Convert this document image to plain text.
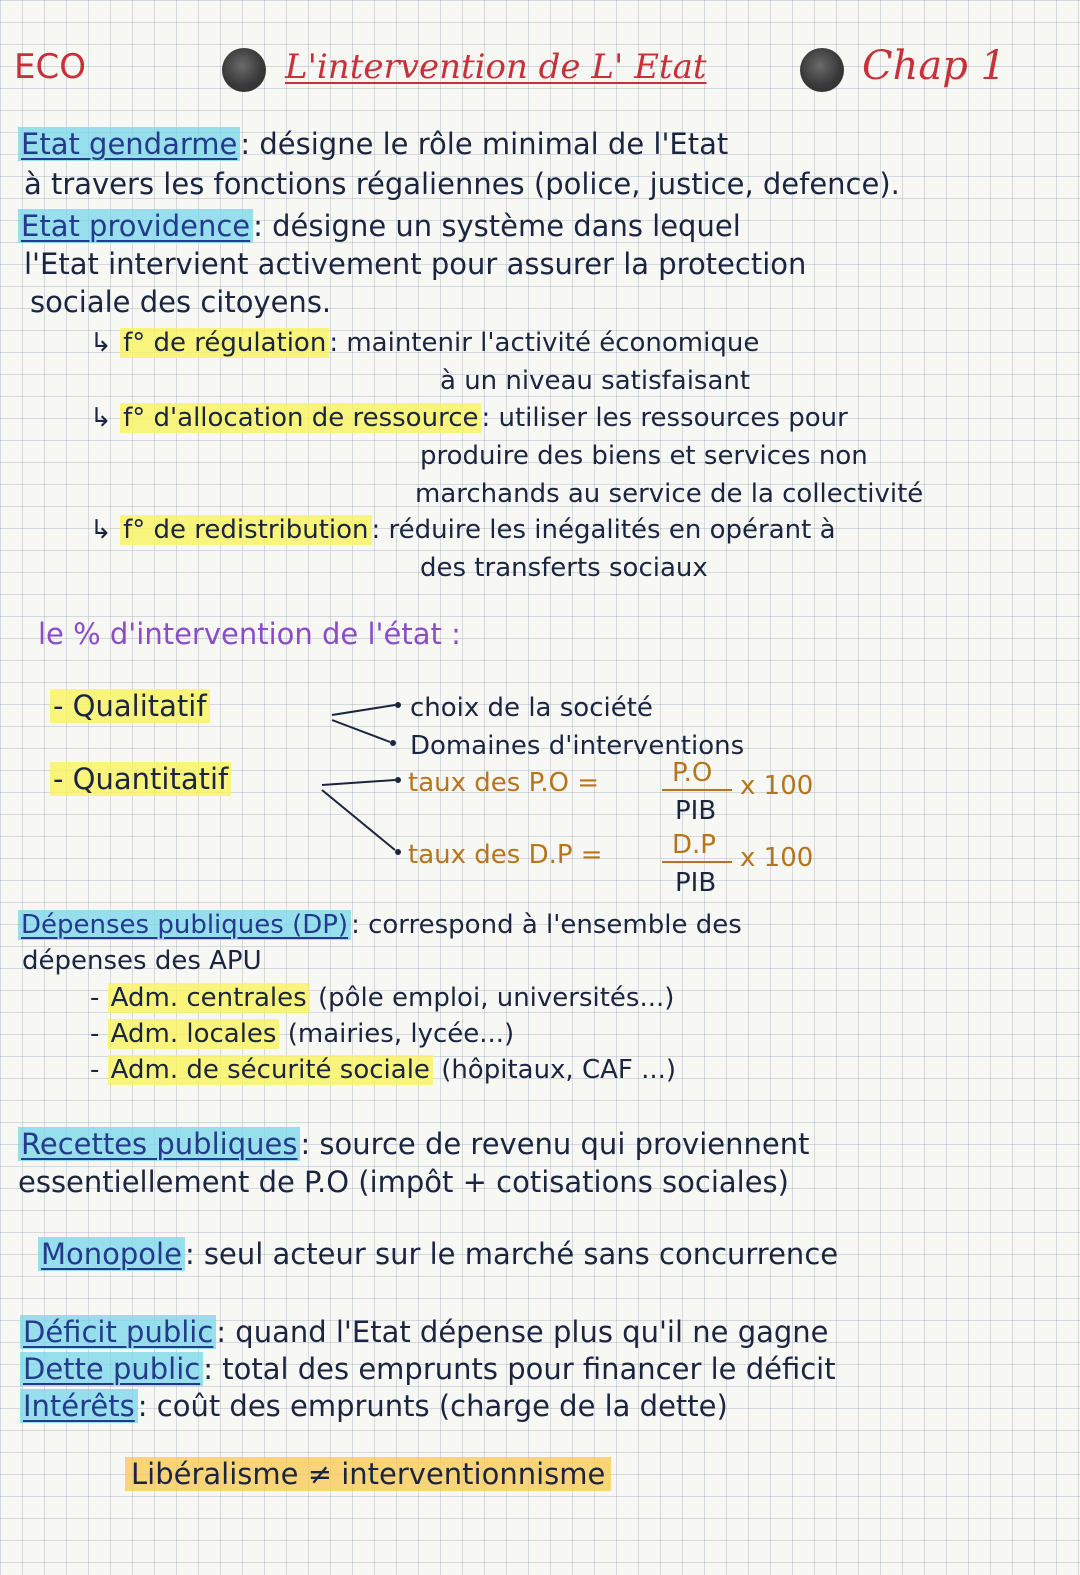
ECO	L'intervention de L' Etat	Chap 1
Etat gendarme : désigne le rôle minimal de l'Etat
à travers les fonctions régaliennes (police, justice, defence).
Etat providence : désigne un système dans lequel
l'Etat intervient activement pour assurer la protection
sociale des citoyens.
↳ f° de régulation : maintenir l'activité économique
à un niveau satisfaisant
↳ f° d'allocation de ressource : utiliser les ressources pour
produire des biens et services non
marchands au service de la collectivité
↳ f° de redistribution : réduire les inégalités en opérant à
des transferts sociaux
le % d'intervention de l'état :
- Qualitatif
- Quantitatif
choix de la société
Domaines d'interventions
taux des P.O =	P.O
PIB
x 100
taux des D.P =	D.P
PIB
x 100
Dépenses publiques (DP) : correspond à l'ensemble des
dépenses des APU
- Adm. centrales (pôle emploi, universités...)
- Adm. locales (mairies, lycée...)
- Adm. de sécurité sociale (hôpitaux, CAF ...)
Recettes publiques : source de revenu qui proviennent
essentiellement de P.O (impôt + cotisations sociales)
Monopole : seul acteur sur le marché sans concurrence
Déficit public : quand l'Etat dépense plus qu'il ne gagne
Dette public : total des emprunts pour financer le déficit
Intérêts : coût des emprunts (charge de la dette)
Libéralisme ≠ interventionnisme
